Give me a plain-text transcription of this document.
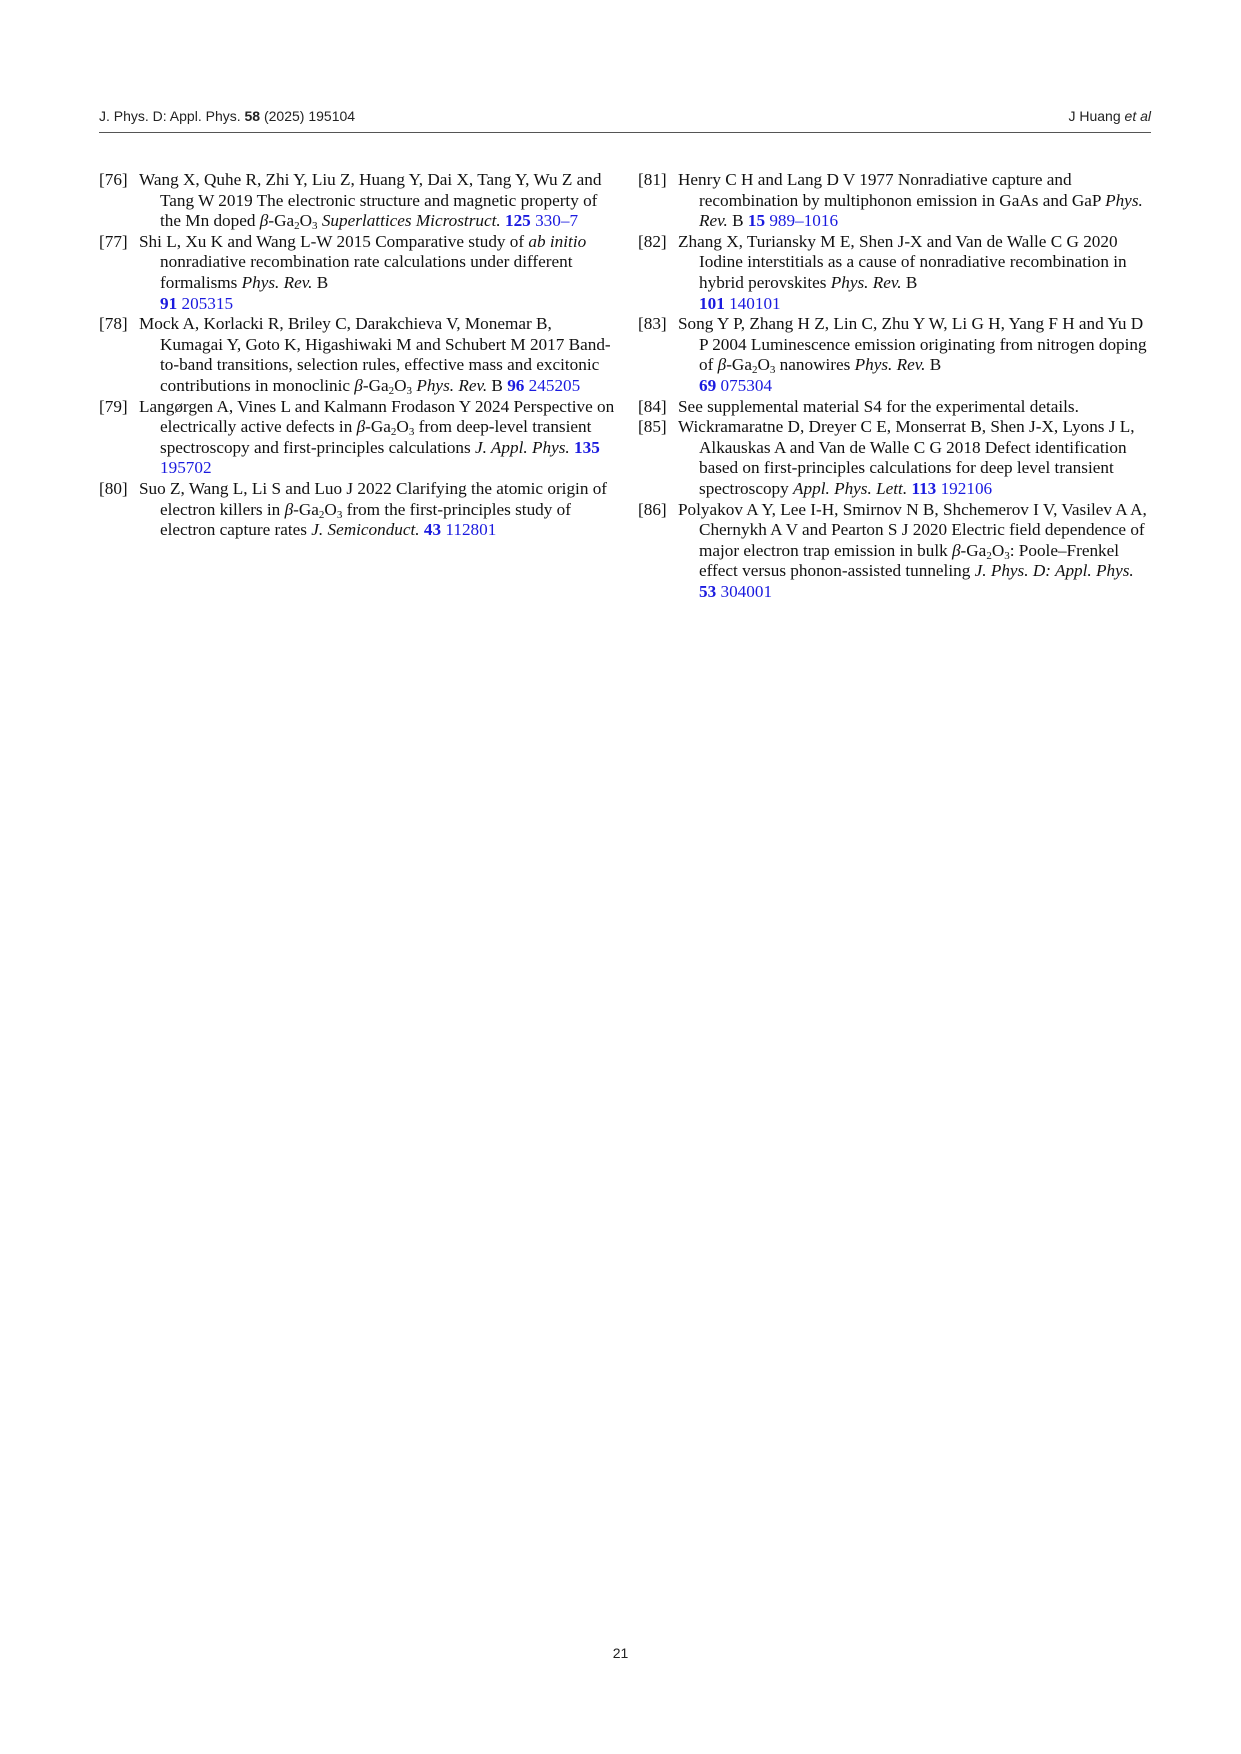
J. Phys. D: Appl. Phys. 58 (2025) 195104	J Huang et al

[76] Wang X, Quhe R, Zhi Y, Liu Z, Huang Y, Dai X, Tang Y, Wu Z and Tang W 2019 The electronic structure and magnetic property of the Mn doped $\beta-Ga_2O_3$ Superlattices Microstruct. 125 330–7

[77] Shi L, Xu K and Wang L-W 2015 Comparative study of ab initio nonradiative recombination rate calculations under different formalisms Phys. Rev. B
91 205315

[78] Mock A, Korlacki R, Briley C, Darakchieva V, Monemar B, Kumagai Y, Goto K, Higashiwaki M and Schubert M 2017 Band-to-band transitions, selection rules, effective mass and excitonic contributions in monoclinic $\beta-Ga_2O_3$ Phys. Rev. B 96 245205

[79] Langørgen A, Vines L and Kalmann Frodason Y 2024 Perspective on electrically active defects in $\beta-Ga_2O_3$ from deep-level transient spectroscopy and first-principles calculations J. Appl. Phys. 135 195702

[80] Suo Z, Wang L, Li S and Luo J 2022 Clarifying the atomic origin of electron killers in $\beta-Ga_2O_3$ from the first-principles study of electron capture rates J. Semiconduct. 43 112801

[81] Henry C H and Lang D V 1977 Nonradiative capture and recombination by multiphonon emission in GaAs and GaP Phys. Rev. B 15 989–1016

[82] Zhang X, Turiansky M E, Shen J-X and Van de Walle C G 2020 Iodine interstitials as a cause of nonradiative recombination in hybrid perovskites Phys. Rev. B
101 140101

[83] Song Y P, Zhang H Z, Lin C, Zhu Y W, Li G H, Yang F H and Yu D P 2004 Luminescence emission originating from nitrogen doping of $\beta-Ga_2O_3$ nanowires Phys. Rev. B
69 075304

[84] See supplemental material S4 for the experimental details.

[85] Wickramaratne D, Dreyer C E, Monserrat B, Shen J-X, Lyons J L, Alkauskas A and Van de Walle C G 2018 Defect identification based on first-principles calculations for deep level transient spectroscopy Appl. Phys. Lett. 113 192106

[86] Polyakov A Y, Lee I-H, Smirnov N B, Shchemerov I V, Vasilev A A, Chernykh A V and Pearton S J 2020 Electric field dependence of major electron trap emission in bulk $\beta-Ga_2O_3$: Poole–Frenkel effect versus phonon-assisted tunneling J. Phys. D: Appl. Phys. 53 304001

21
